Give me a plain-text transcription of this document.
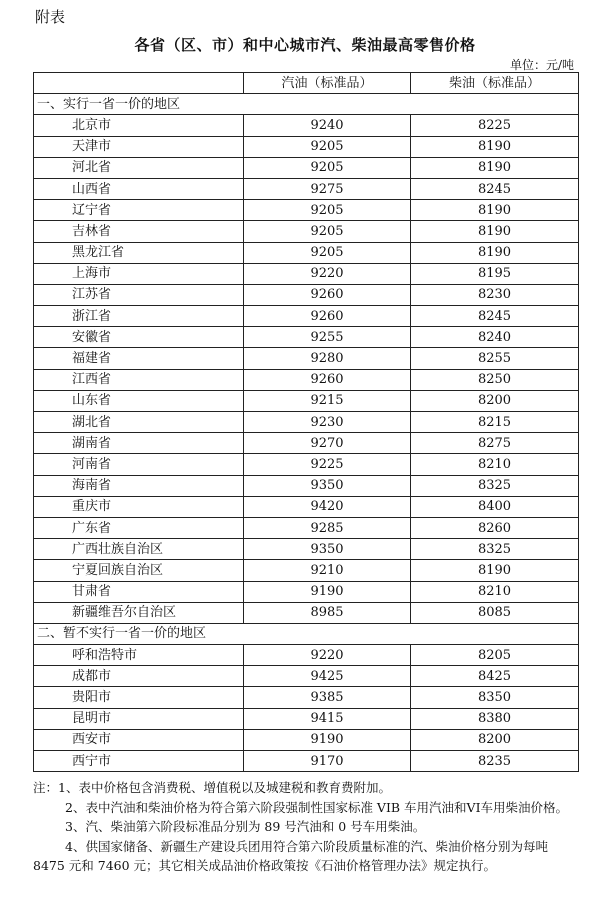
附表
各省（区、市）和中心城市汽、柴油最高零售价格
单位：元/吨
	汽油（标准品）	柴油（标准品）
一、实行一省一价的地区		
北京市	9240	8225
天津市	9205	8190
河北省	9205	8190
山西省	9275	8245
辽宁省	9205	8190
吉林省	9205	8190
黑龙江省	9205	8190
上海市	9220	8195
江苏省	9260	8230
浙江省	9260	8245
安徽省	9255	8240
福建省	9280	8255
江西省	9260	8250
山东省	9215	8200
湖北省	9230	8215
湖南省	9270	8275
河南省	9225	8210
海南省	9350	8325
重庆市	9420	8400
广东省	9285	8260
广西壮族自治区	9350	8325
宁夏回族自治区	9210	8190
甘肃省	9190	8210
新疆维吾尔自治区	8985	8085
二、暂不实行一省一价的地区		
呼和浩特市	9220	8205
成都市	9425	8425
贵阳市	9385	8350
昆明市	9415	8380
西安市	9190	8200
西宁市	9170	8235

注：1、表中价格包含消费税、增值税以及城建税和教育费附加。

2、表中汽油和柴油价格为符合第六阶段强制性国家标准 VIB 车用汽油和VI车用柴油价格。

3、汽、柴油第六阶段标准品分别为 89 号汽油和 0 号车用柴油。

4、供国家储备、新疆生产建设兵团用符合第六阶段质量标准的汽、柴油价格分别为每吨 8475 元和 7460 元；其它相关成品油价格政策按《石油价格管理办法》规定执行。
